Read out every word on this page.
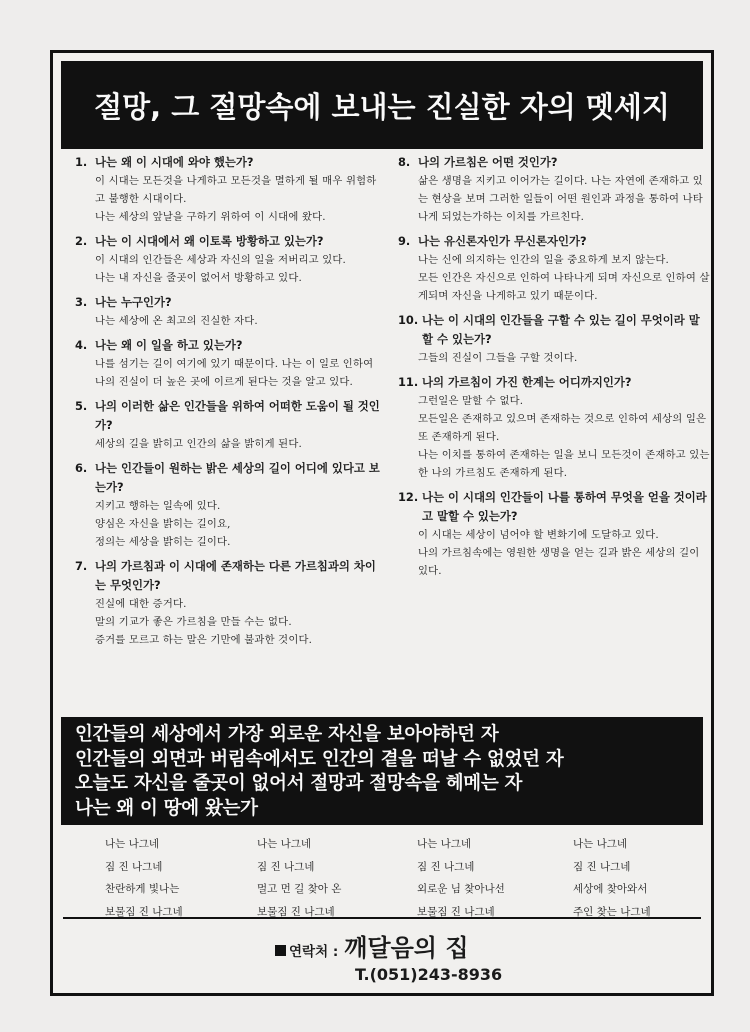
절망, 그 절망속에 보내는 진실한 자의 멧세지
1. 나는 왜 이 시대에 와야 했는가?

이 시대는 모든것을 나게하고 모든것을 멸하게 될 매우 위험하고 불행한 시대이다.

나는 세상의 앞날을 구하기 위하여 이 시대에 왔다.

2. 나는 이 시대에서 왜 이토록 방황하고 있는가?

이 시대의 인간들은 세상과 자신의 일을 저버리고 있다.

나는 내 자신을 줄곳이 없어서 방황하고 있다.

3. 나는 누구인가?

나는 세상에 온 최고의 진실한 자다.

4. 나는 왜 이 일을 하고 있는가?

나를 섬기는 길이 여기에 있기 때문이다. 나는 이 일로 인하여 나의 진실이 더 높은 곳에 이르게 된다는 것을 알고 있다.

5. 나의 이러한 삶은 인간들을 위하여 어떠한 도움이 될 것인가?

세상의 길을 밝히고 인간의 삶을 밝히게 된다.

6. 나는 인간들이 원하는 밝은 세상의 길이 어디에 있다고 보는가?

지키고 행하는 일속에 있다.

양심은 자신을 밝히는 길이요,

정의는 세상을 밝히는 길이다.

7. 나의 가르침과 이 시대에 존재하는 다른 가르침과의 차이는 무엇인가?

진실에 대한 증거다.

말의 기교가 좋은 가르침을 만들 수는 없다.

증거를 모르고 하는 말은 기만에 불과한 것이다.

8. 나의 가르침은 어떤 것인가?

삶은 생명을 지키고 이어가는 길이다. 나는 자연에 존재하고 있는 현상을 보며 그러한 일들이 어떤 원인과 과정을 통하여 나타나게 되었는가하는 이치를 가르친다.

9. 나는 유신론자인가 무신론자인가?

나는 신에 의지하는 인간의 일을 중요하게 보지 않는다.

모든 인간은 자신으로 인하여 나타나게 되며 자신으로 인하여 살게되며 자신을 나게하고 있기 때문이다.

10. 나는 이 시대의 인간들을 구할 수 있는 길이 무엇이라 말할 수 있는가?

그들의 진실이 그들을 구할 것이다.

11. 나의 가르침이 가진 한계는 어디까지인가?

그런일은 말할 수 없다.

모든일은 존재하고 있으며 존재하는 것으로 인하여 세상의 일은 또 존재하게 된다.

나는 이치를 통하여 존재하는 일을 보니 모든것이 존재하고 있는 한 나의 가르침도 존재하게 된다.

12. 나는 이 시대의 인간들이 나를 통하여 무엇을 얻을 것이라고 말할 수 있는가?

이 시대는 세상이 넘어야 할 변화기에 도달하고 있다.

나의 가르침속에는 영원한 생명을 얻는 길과 밝은 세상의 길이 있다.

인간들의 세상에서 가장 외로운 자신을 보아야하던 자
인간들의 외면과 버림속에서도 인간의 곁을 떠날 수 없었던 자
오늘도 자신을 줄곳이 없어서 절망과 절망속을 헤메는 자
나는 왜 이 땅에 왔는가
나는 나그네
짐 진 나그네
찬란하게 빛나는
보물짐 진 나그네
나는 나그네
짐 진 나그네
멀고 먼 길 찾아 온
보물짐 진 나그네
나는 나그네
짐 진 나그네
외로운 님 찾아나선
보물짐 진 나그네
나는 나그네
짐 진 나그네
세상에 찾아와서
주인 찾는 나그네
연락처 : 깨달음의 집
T.(051)243-8936
